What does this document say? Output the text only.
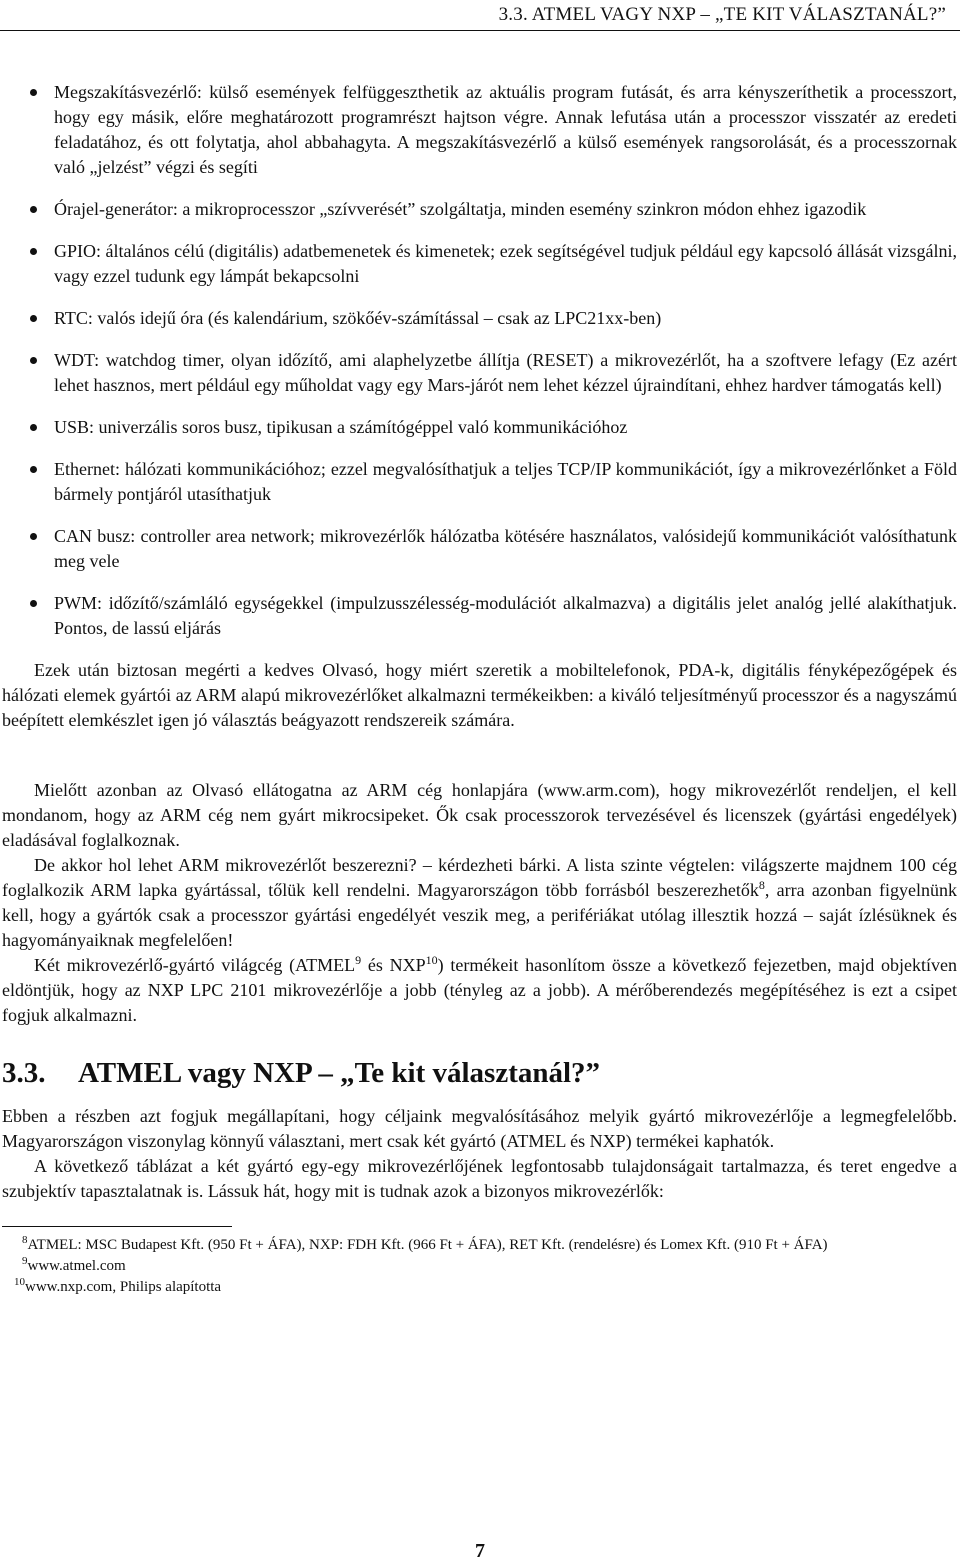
3.3. ATMEL VAGY NXP – „TE KIT VÁLASZTANÁL?”
Megszakításvezérlő: külső események felfüggeszthetik az aktuális program futását, és arra kényszeríthetik a processzort, hogy egy másik, előre meghatározott programrészt hajtson végre. Annak lefutása után a processzor visszatér az eredeti feladatához, és ott folytatja, ahol abbahagyta. A megszakításvezérlő a külső események rangsorolását, és a processzornak való „jelzést” végzi és segíti
Órajel-generátor: a mikroprocesszor „szívverését” szolgáltatja, minden esemény szinkron módon ehhez igazodik
GPIO: általános célú (digitális) adatbemenetek és kimenetek; ezek segítségével tudjuk például egy kapcsoló állását vizsgálni, vagy ezzel tudunk egy lámpát bekapcsolni
RTC: valós idejű óra (és kalendárium, szökőév-számítással – csak az LPC21xx-ben)
WDT: watchdog timer, olyan időzítő, ami alaphelyzetbe állítja (RESET) a mikrovezérlőt, ha a szoftvere lefagy (Ez azért lehet hasznos, mert például egy műholdat vagy egy Mars-járót nem lehet kézzel újraindítani, ehhez hardver támogatás kell)
USB: univerzális soros busz, tipikusan a számítógéppel való kommunikációhoz
Ethernet: hálózati kommunikációhoz; ezzel megvalósíthatjuk a teljes TCP/IP kommunikációt, így a mikrovezérlőnket a Föld bármely pontjáról utasíthatjuk
CAN busz: controller area network; mikrovezérlők hálózatba kötésére használatos, valósidejű kommunikációt valósíthatunk meg vele
PWM: időzítő/számláló egységekkel (impulzusszélesség-modulációt alkalmazva) a digitális jelet analóg jellé alakíthatjuk. Pontos, de lassú eljárás

Ezek után biztosan megérti a kedves Olvasó, hogy miért szeretik a mobiltelefonok, PDA-k, digitális fényképezőgépek és hálózati elemek gyártói az ARM alapú mikrovezérlőket alkalmazni termékeikben: a kiváló teljesítményű processzor és a nagyszámú beépített elemkészlet igen jó választás beágyazott rendszereik számára.

Mielőtt azonban az Olvasó ellátogatna az ARM cég honlapjára (www.arm.com), hogy mikrovezérlőt rendeljen, el kell mondanom, hogy az ARM cég nem gyárt mikrocsipeket. Ők csak processzorok tervezésével és licenszek (gyártási engedélyek) eladásával foglalkoznak.

De akkor hol lehet ARM mikrovezérlőt beszerezni? – kérdezheti bárki. A lista szinte végtelen: világszerte majdnem 100 cég foglalkozik ARM lapka gyártással, tőlük kell rendelni. Magyarországon több forrásból beszerezhetők$^8$, arra azonban figyelnünk kell, hogy a gyártók csak a processzor gyártási engedélyét veszik meg, a perifériákat utólag illesztik hozzá – saját ízlésüknek és hagyományaiknak megfelelően!

Két mikrovezérlő-gyártó világcég (ATMEL$^9$ és NXP$^{10}$) termékeit hasonlítom össze a következő fejezetben, majd objektíven eldöntjük, hogy az NXP LPC 2101 mikrovezérlője a jobb (tényleg az a jobb). A mérőberendezés megépítéséhez is ezt a csipet fogjuk alkalmazni.

3.3.	ATMEL vagy NXP – „Te kit választanál?”

Ebben a részben azt fogjuk megállapítani, hogy céljaink megvalósításához melyik gyártó mikrovezérlője a legmegfelelőbb. Magyarországon viszonylag könnyű választani, mert csak két gyártó (ATMEL és NXP) termékei kaphatók.

A következő táblázat a két gyártó egy-egy mikrovezérlőjének legfontosabb tulajdonságait tartalmazza, és teret engedve a szubjektív tapasztalatnak is. Lássuk hát, hogy mit is tudnak azok a bizonyos mikrovezérlők:

$^8$ATMEL: MSC Budapest Kft. (950 Ft + ÁFA), NXP: FDH Kft. (966 Ft + ÁFA), RET Kft. (rendelésre) és Lomex Kft. (910 Ft + ÁFA)
$^9$www.atmel.com
$^{10}$www.nxp.com, Philips alapította
7
